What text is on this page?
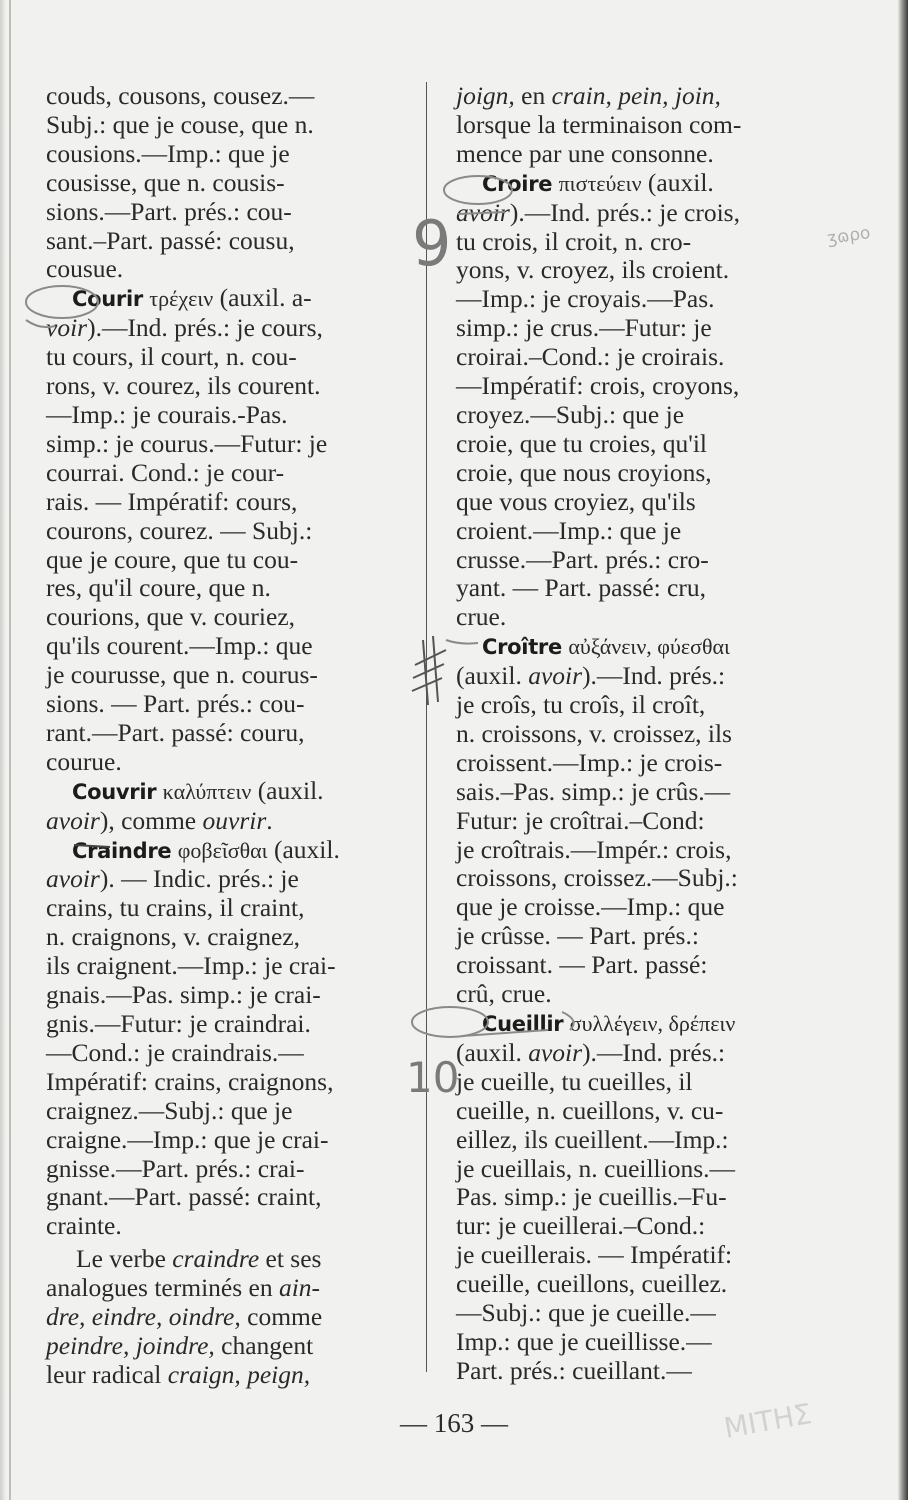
couds, cousons, cousez.—

Subj.: que je couse, que n.

cousions.—Imp.: que je

cousisse, que n. cousis-

sions.—Part. prés.: cou-

sant.–Part. passé: cousu,

cousue.

Courir τρέχειν (auxil. a-

voir).—Ind. prés.: je cours,

tu cours, il court, n. cou-

rons, v. courez, ils courent.

—Imp.: je courais.-Pas.

simp.: je courus.—Futur: je

courrai. Cond.: je cour-

rais. — Impératif: cours,

courons, courez. — Subj.:

que je coure, que tu cou-

res, qu'il coure, que n.

courions, que v. couriez,

qu'ils courent.—Imp.: que

je courusse, que n. courus-

sions. — Part. prés.: cou-

rant.—Part. passé: couru,

courue.

Couvrir καλύπτειν (auxil.

avoir), comme ouvrir.

Craindre φοβεῖσθαι (auxil.

avoir). — Indic. prés.: je

crains, tu crains, il craint,

n. craignons, v. craignez,

ils craignent.—Imp.: je crai-

gnais.—Pas. simp.: je crai-

gnis.—Futur: je craindrai.

—Cond.: je craindrais.—

Impératif: crains, craignons,

craignez.—Subj.: que je

craigne.—Imp.: que je crai-

gnisse.—Part. prés.: crai-

gnant.—Part. passé: craint,

crainte.

Le verbe craindre et ses

analogues terminés en ain-

dre, eindre, oindre, comme

peindre, joindre, changent

leur radical craign, peign,

joign, en crain, pein, join,

lorsque la terminaison com-

mence par une consonne.

Croire πιστεύειν (auxil.

avoir).—Ind. prés.: je crois,

tu crois, il croit, n. cro-

yons, v. croyez, ils croient.

—Imp.: je croyais.—Pas.

simp.: je crus.—Futur: je

croirai.–Cond.: je croirais.

—Impératif: crois, croyons,

croyez.—Subj.: que je

croie, que tu croies, qu'il

croie, que nous croyions,

que vous croyiez, qu'ils

croient.—Imp.: que je

crusse.—Part. prés.: cro-

yant. — Part. passé: cru,

crue.

Croître αὐξάνειν, φύεσθαι

(auxil. avoir).—Ind. prés.:

je croîs, tu croîs, il croît,

n. croissons, v. croissez, ils

croissent.—Imp.: je crois-

sais.–Pas. simp.: je crûs.—

Futur: je croîtrai.–Cond:

je croîtrais.—Impér.: crois,

croissons, croissez.—Subj.:

que je croisse.—Imp.: que

je crûsse. — Part. prés.:

croissant. — Part. passé:

crû, crue.

Cueillir συλλέγειν, δρέπειν

(auxil. avoir).—Ind. prés.:

je cueille, tu cueilles, il

cueille, n. cueillons, v. cu-

eillez, ils cueillent.—Imp.:

je cueillais, n. cueillions.—

Pas. simp.: je cueillis.–Fu-

tur: je cueillerai.–Cond.:

je cueillerais. — Impératif:

cueille, cueillons, cueillez.

—Subj.: que je cueille.—

Imp.: que je cueillisse.—

Part. prés.: cueillant.—

— 163 —
9
10
ʒɷρο
ΜΙΤΗΣ
